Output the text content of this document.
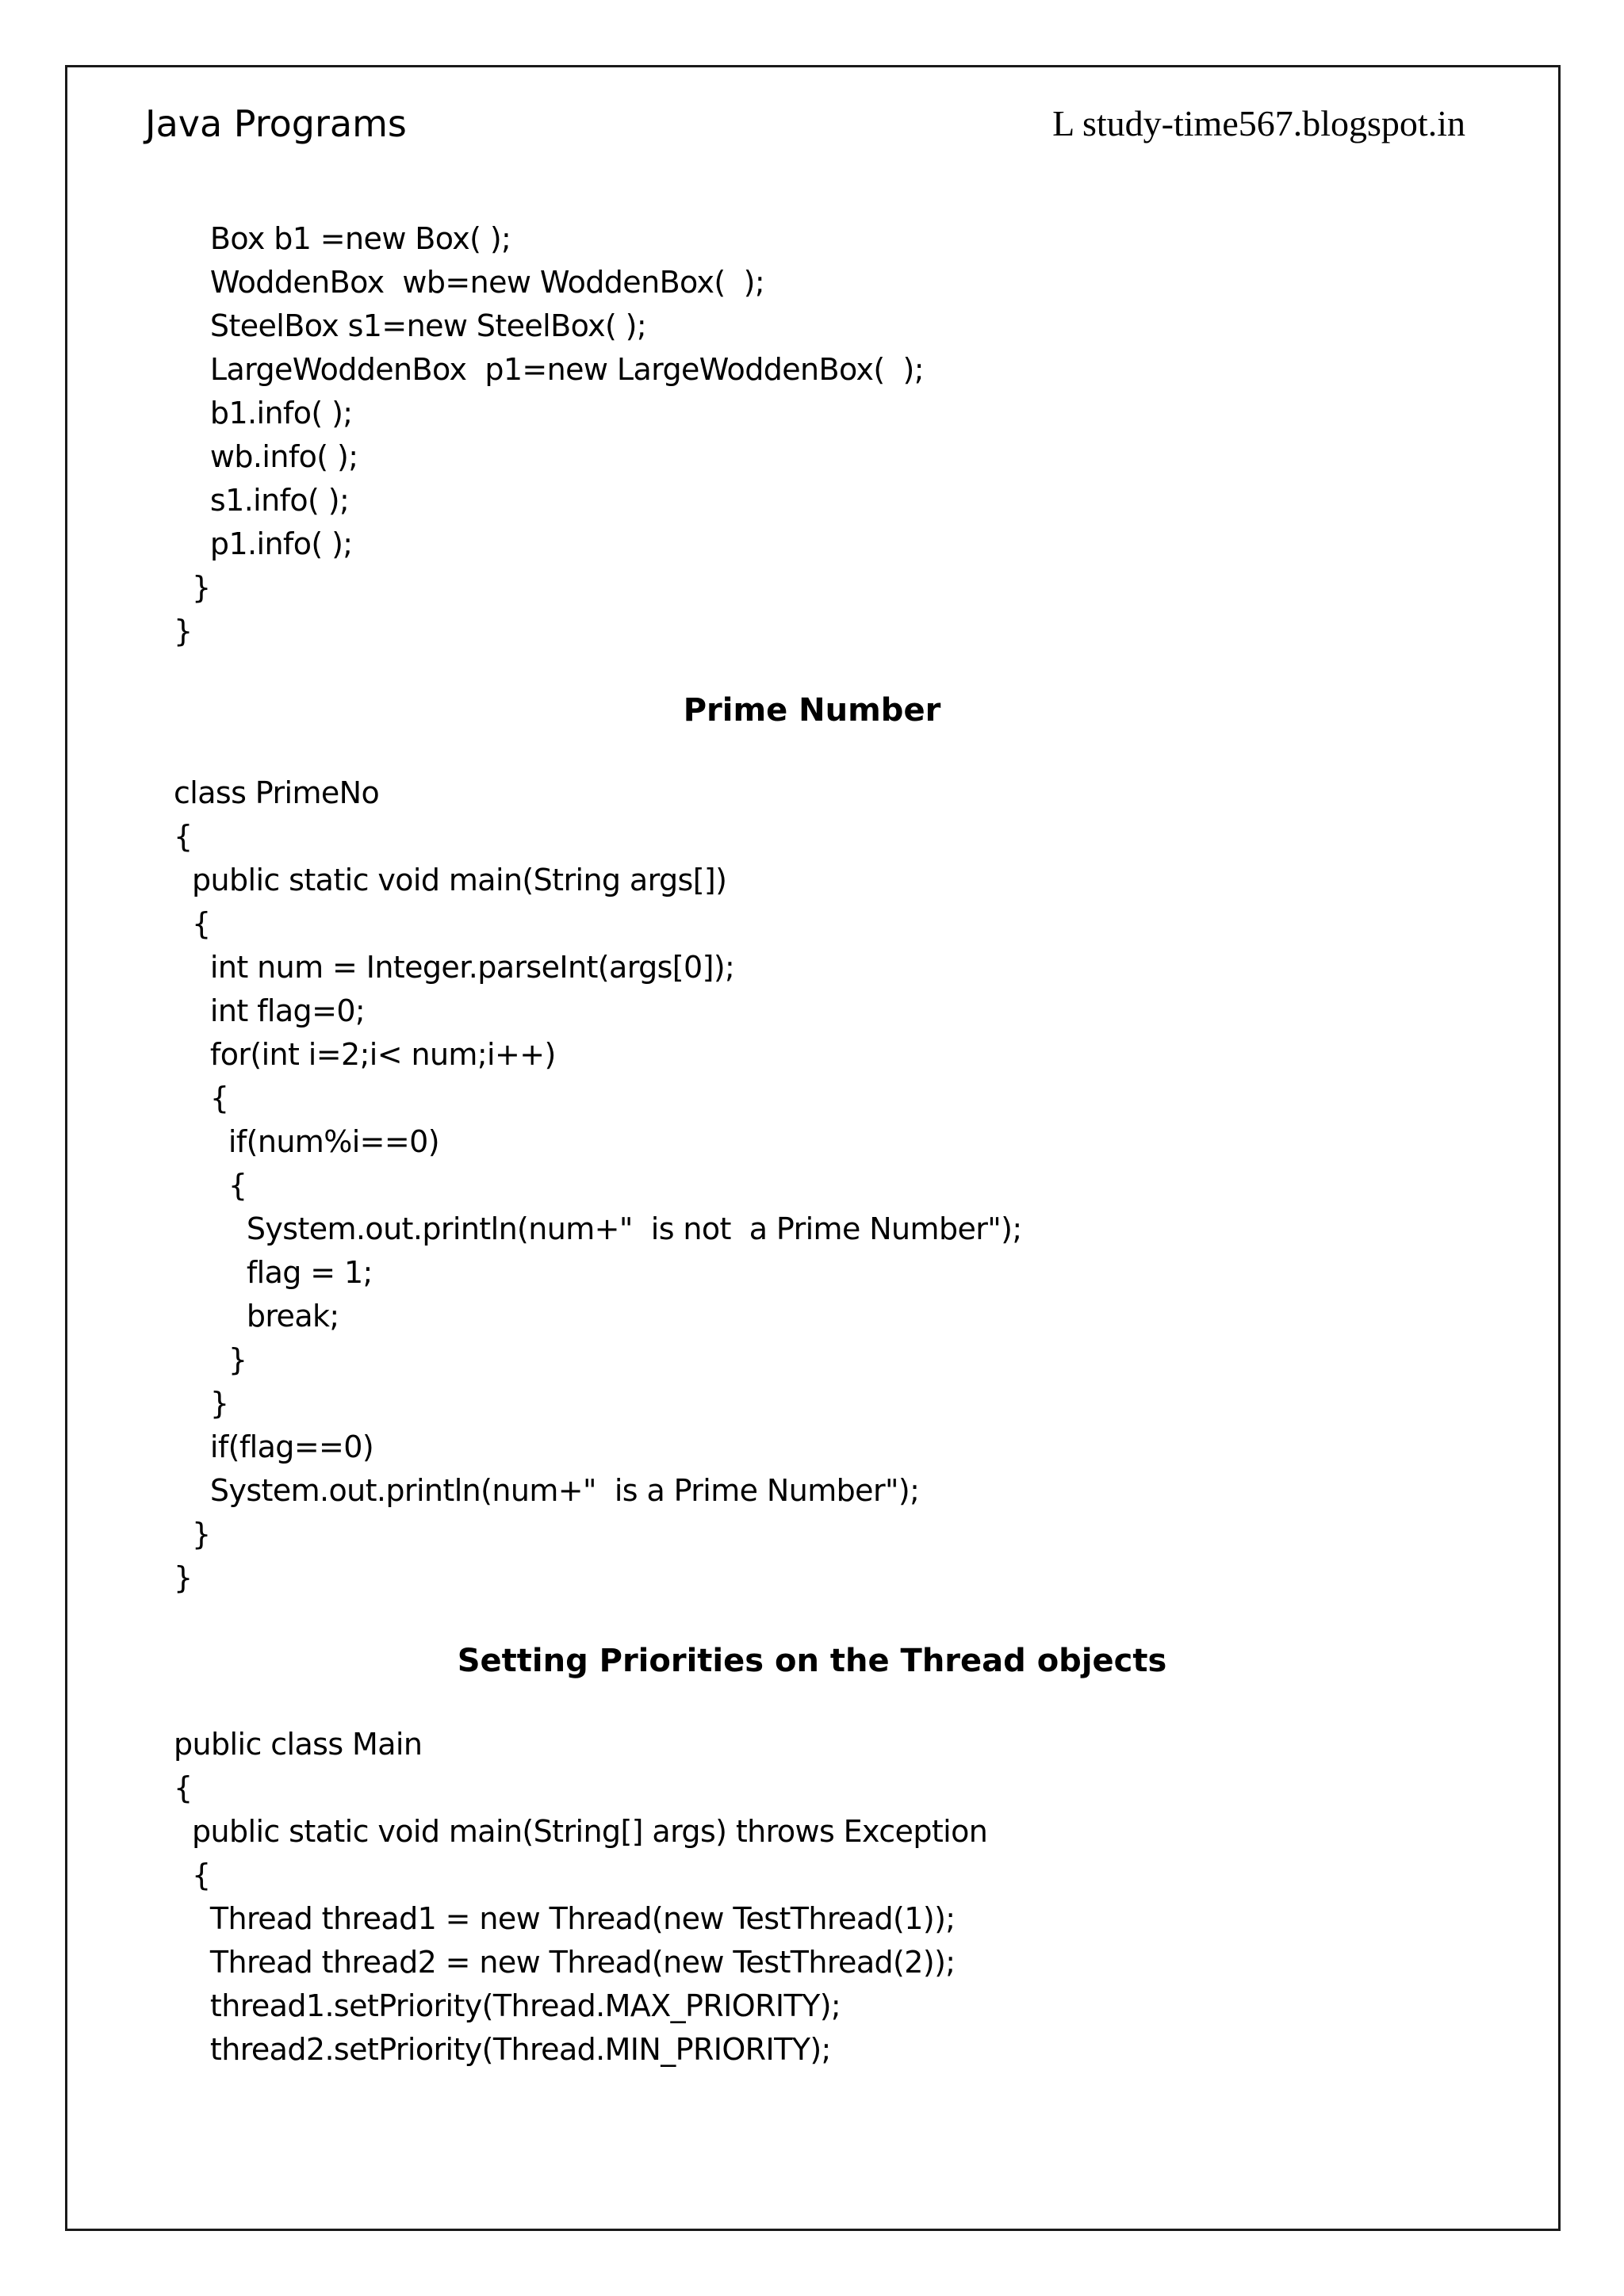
Java Programs	L study-time567.blogspot.in
Box b1 =new Box( );
WoddenBox  wb=new WoddenBox(  );
SteelBox s1=new SteelBox( );
LargeWoddenBox  p1=new LargeWoddenBox(  );
b1.info( );
wb.info( );
s1.info( );
p1.info( );
}
}
Prime Number
class PrimeNo
{
public static void main(String args[])
{
int num = Integer.parseInt(args[0]);
int flag=0;
for(int i=2;i< num;i++)
{
if(num%i==0)
{
System.out.println(num+"  is not  a Prime Number");
flag = 1;
break;
}
}
if(flag==0)
System.out.println(num+"  is a Prime Number");
}
}
Setting Priorities on the Thread objects
public class Main
{
public static void main(String[] args) throws Exception
{
Thread thread1 = new Thread(new TestThread(1));
Thread thread2 = new Thread(new TestThread(2));
thread1.setPriority(Thread.MAX_PRIORITY);
thread2.setPriority(Thread.MIN_PRIORITY);
